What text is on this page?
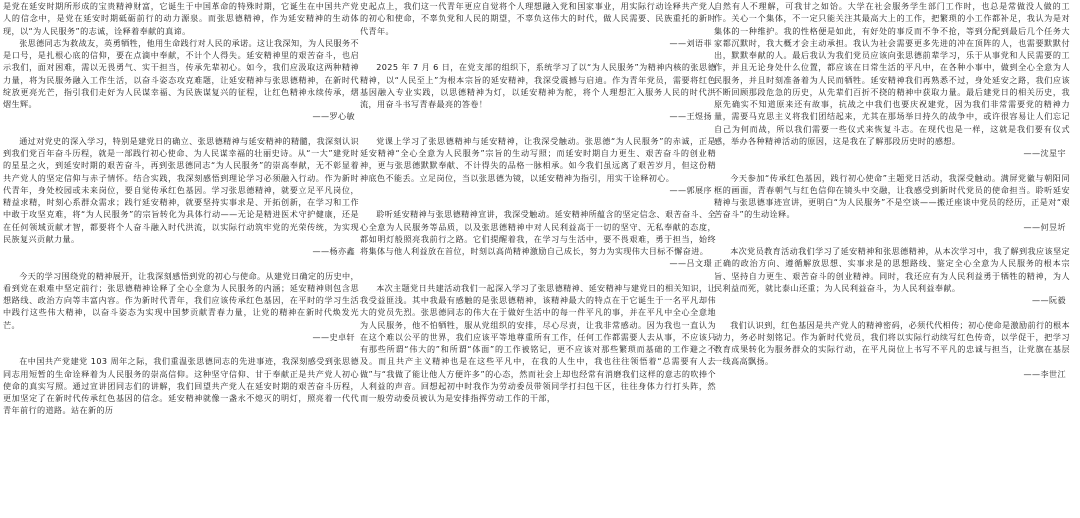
是党在延安时期所形成的宝贵精神财富，它诞生于中国革命的特殊时期，它诞生在中国共产党人的信念中，是党在延安时期砥砺前行的动力源泉。而张思德精神，作为延安精神的生动体现，以“为人民服务”的志诚，诠释着奉献的真谛。

张思德同志为救战友，英勇牺牲，他用生命践行对人民的承诺。这让我深知，为人民服务不是口号，是扎根心底的信仰，要在点滴中奉献，不计个人得失。延安精神里的艰苦奋斗，也启示我们，面对困难，需以无畏勇气、实干担当，传承先辈初心。如今，我们应汲取这两种精神力量，将为民服务融入工作生活，以奋斗姿态攻克难题，让延安精神与张思德精神，在新时代绽放更亮光芒，指引我们走好为人民谋幸福、为民族谋复兴的征程，让红色精神永续传承，熠熠生辉。

——罗心敏

通过对党史的深入学习，特别是建党日的确立、张思德精神与延安精神的精髓，我深刻认识到我们党百年奋斗历程，就是一部践行初心使命、为人民谋幸福的壮丽史诗。从“一大”建党时的星星之火，到延安时期的艰苦奋斗，再到张思德同志“为人民服务”的崇高奉献，无不彰显着共产党人的坚定信仰与赤子情怀。结合实践，我深刻感悟到理论学习必须融入行动。作为新时代青年，身处校园或未来岗位，要自觉传承红色基因。学习张思德精神，就要立足平凡岗位，精益求精，时刻心系群众需求；践行延安精神，就要坚持实事求是、开拓创新，在学习和工作中敢于攻坚克难，将“为人民服务”的宗旨转化为具体行动——无论是精进医术守护健康，还是在任何领域贡献才智，都要将个人奋斗融入时代洪流，以实际行动筑牢党的光荣传统，为实现民族复兴贡献力量。

——杨亦鑫

今天的学习围绕党的精神展开，让我深刻感悟到党的初心与使命。从建党日确定的历史中，看到党在艰难中坚定前行；张思德精神诠释了全心全意为人民服务的内涵；延安精神则包含思想路线、政治方向等丰富内容。作为新时代青年，我们应该传承红色基因，在平时的学习生活中践行这些伟大精神，以奋斗姿态为实现中国梦贡献青春力量，让党的精神在新时代焕发光芒。

——史卓轩

在中国共产党建党 103 周年之际，我们重温张思德同志的先进事迹，我深刻感受到张思德同志用短暂的生命诠释着为人民服务的崇高信仰。这种坚守信仰、甘于奉献正是共产党人初心使命的真实写照。通过宣讲团同志们的讲解，我们回望共产党人在延安时期的艰苦奋斗历程，更加坚定了在新时代传承红色基因的信念。延安精神就像一盏永不熄灭的明灯，照亮着一代代青年前行的道路。站在新的历

史起点上，我们这一代青年更应自觉将个人理想融入党和国家事业，用实际行动诠释共产党人的初心和使命，不辜负党和人民的期望，不辜负这伟大的时代，做人民需要、民族重托的新时代青年。

——刘语菲

2025 年 7 月 6 日，在党支部的组织下，系统学习了以“为人民服务”为精神内核的张思德精神，以“人民至上”为根本宗旨的延安精神，我深受震撼与启迪。作为青年党员，需要将红色基因融入专业实践，以思德精神为灯，以延安精神为舵，将个人理想汇入服务人民的时代洪流，用奋斗书写青春最亮的答卷！

——王煜扬

党课上学习了张思德精神与延安精神，让我深受触动。张思德“为人民服务”的赤诚，正是延安精神“全心全意为人民服务”宗旨的生动写照；而延安时期自力更生、艰苦奋斗的创业精神，更与张思德默默奉献、不计得失的品格一脉相承。如今我们虽远离了艰苦岁月，但这份精神底色不能丢。立足岗位，当以张思德为镜，以延安精神为指引，用实干诠释初心。

——郭展序

聆听延安精神与张思德精神宣讲，我深受触动。延安精神所蕴含的坚定信念、艰苦奋斗、全心全意为人民服务等品质，以及张思德精神中对人民利益高于一切的坚守、无私奉献的态度，都如明灯般照亮我前行之路。它们提醒着我，在学习与生活中，要不畏艰难，勇于担当，始终将集体与他人利益放在首位，时刻以高尚精神激励自己成长，努力为实现伟大目标不懈奋进。

——吕文璟

本次主题党日共建活动我们一起深入学习了张思德精神、延安精神与建党日的相关知识，让我受益匪浅。其中我最有感触的是张思德精神，该精神最大的特点在于它诞生于一名平凡却伟大的党员先烈。张思德同志的伟大在于做好生活中的每一件平凡的事，并在平凡中全心全意地为人民服务，他不怕牺牲，服从党组织的安排，尽心尽责，让我非常感动。因为我也一直认为在这个难以公平的世界，我们应该平等地尊重所有工作，任何工作都需要人去从事，不应该只有那些所谓“伟大的”和所谓“体面”的工作被铭记，更不应该对那些繁琐而基础的工作避之不及。而且共产主义精神也是在这些平凡中，在我的人生中，我也往往领悟着“总需要有人去做”与“我做了能让他人方便许多”的心态，然而社会上却也经常有消磨我们这样的意志的吹捧个人利益的声音。回想起初中时我作为劳动委员带领同学打扫包干区，往往身体力行打头阵，然而一般劳动委员被认为是安排指挥劳动工作的干部，

自然有人不理解，可我甘之如饴。大学在社会服务学生部门工作时，也总是常做没人做的工作。关心一个集体，不一定只能关注其最高大上的工作，把繁琐的小工作都补足，我认为是对集体的一种维护。我的性格便是如此，有好处的事反而不争不抢，等到分配到最后几个任务大家都沉默时，我大概才会主动承担。我认为社会需要更多先进的冲在顶阵的人，也需要默默付出，默默奉献的人。最后我认为我们党员应该向张思德前辈学习，乐于从事党和人民需要的工作，并且无论身处什么位置，都应该在日常生活的平凡中，在各种小事中，做到全心全意为人民服务，并且时刻准备着为人民而牺牲。延安精神我们再熟悉不过，身处延安之路，我们应该不断回顾那段危急的历史，从先辈们百折不挠的精神中获取力量。最后建党日的相关历史，我原先确实不知道原来还有故事，抗战之中我们也要庆祝建党，因为我们非常需要党的精神力量，需要马克思主义将我们团结起来，尤其在那场举日持久的战争中，或许很容易让人们忘记自己为何而战，所以我们需要一些仪式来恢复斗志。在现代也是一样，这就是我们要有仪式感，举办各种精神活动的原因，这是我在了解那段历史时的感想。

——沈星宇

今天参加“传承红色基因，践行初心使命”主题党日活动，我深受触动。满屏党徽与朝阳同框的画面，青春朝气与红色信仰在镜头中交融，让我感受到新时代党员的使命担当。聆听延安精神与张思德事迹宣讲，更明白“为人民服务”不是空谈——搬迁座谈中党员的经历，正是对“艰苦奋斗”的生动诠释。

——何昱圻

本次党员教育活动我们学习了延安精神和张思德精神，从本次学习中，我了解到我应该坚定正确的政治方向、遵循解放思想、实事求是的思想路线、鉴定全心全意为人民服务的根本宗旨、坚持自力更生、艰苦奋斗的创业精神。同时，我还应有为人民利益勇于牺牲的精神，为人民利益而死，就比泰山还重；为人民利益奋斗，为人民利益奉献。

——阮毅

我们认识到，红色基因是共产党人的精神密码，必须代代相传；初心使命是激励前行的根本动力，务必时刻铭记。作为新时代党员，我们将以实际行动续写红色传奇，以学促干，把学习教育成果转化为服务群众的实际行动，在平凡岗位上书写不平凡的忠诚与担当，让党旗在基层一线高高飘扬。

——李世江
